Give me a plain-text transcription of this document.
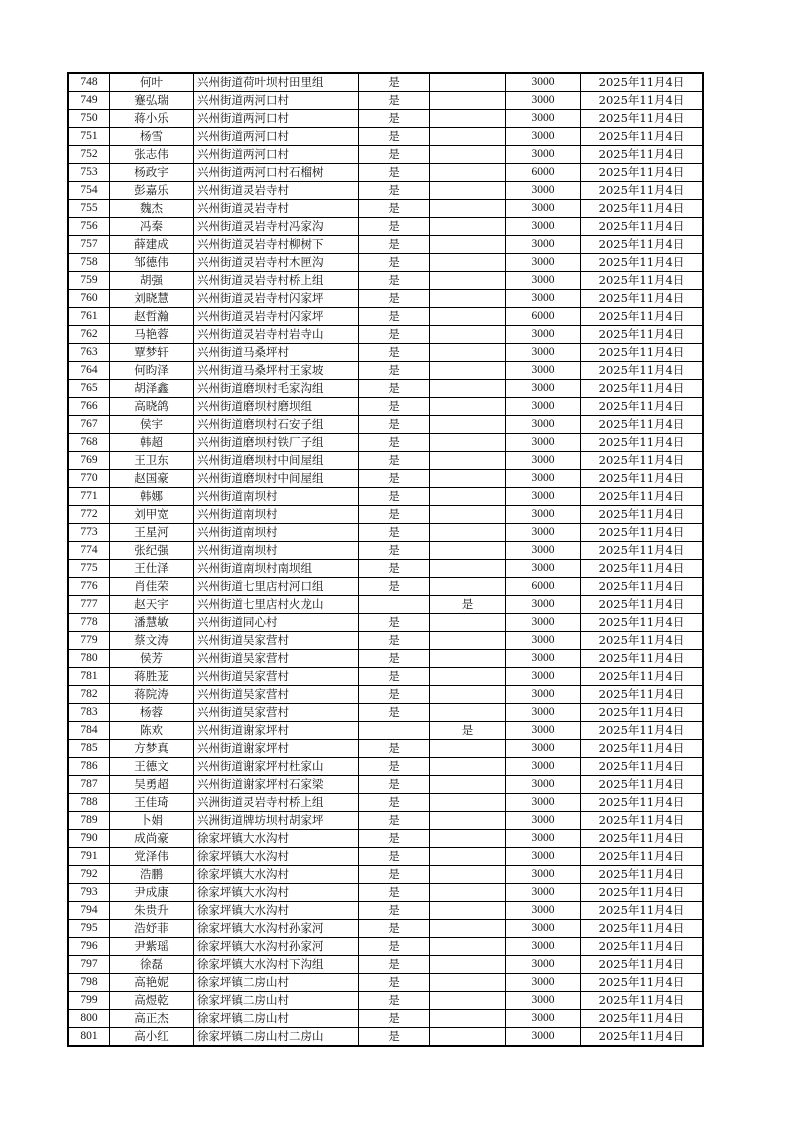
748	何叶	兴州街道荷叶坝村田里组	是		3000	2025年11月4日
749	蹇弘瑞	兴州街道两河口村	是		3000	2025年11月4日
750	蒋小乐	兴州街道两河口村	是		3000	2025年11月4日
751	杨雪	兴州街道两河口村	是		3000	2025年11月4日
752	张志伟	兴州街道两河口村	是		3000	2025年11月4日
753	杨政宇	兴州街道两河口村石榴树	是		6000	2025年11月4日
754	彭嘉乐	兴州街道灵岩寺村	是		3000	2025年11月4日
755	魏杰	兴州街道灵岩寺村	是		3000	2025年11月4日
756	冯秦	兴州街道灵岩寺村冯家沟	是		3000	2025年11月4日
757	薛建成	兴州街道灵岩寺村柳树下	是		3000	2025年11月4日
758	邹德伟	兴州街道灵岩寺村木匣沟	是		3000	2025年11月4日
759	胡强	兴州街道灵岩寺村桥上组	是		3000	2025年11月4日
760	刘晓慧	兴州街道灵岩寺村闪家坪	是		3000	2025年11月4日
761	赵哲瀚	兴州街道灵岩寺村闪家坪	是		6000	2025年11月4日
762	马艳蓉	兴州街道灵岩寺村岩寺山	是		3000	2025年11月4日
763	覃梦轩	兴州街道马桑坪村	是		3000	2025年11月4日
764	何昀泽	兴州街道马桑坪村王家坡	是		3000	2025年11月4日
765	胡泽鑫	兴州街道磨坝村毛家沟组	是		3000	2025年11月4日
766	高晓鸽	兴州街道磨坝村磨坝组	是		3000	2025年11月4日
767	侯宇	兴州街道磨坝村石安子组	是		3000	2025年11月4日
768	韩超	兴州街道磨坝村铁厂子组	是		3000	2025年11月4日
769	王卫东	兴州街道磨坝村中间屋组	是		3000	2025年11月4日
770	赵国豪	兴州街道磨坝村中间屋组	是		3000	2025年11月4日
771	韩娜	兴州街道南坝村	是		3000	2025年11月4日
772	刘甲宽	兴州街道南坝村	是		3000	2025年11月4日
773	王星河	兴州街道南坝村	是		3000	2025年11月4日
774	张纪强	兴州街道南坝村	是		3000	2025年11月4日
775	王仕泽	兴州街道南坝村南坝组	是		3000	2025年11月4日
776	肖佳荣	兴州街道七里店村河口组	是		6000	2025年11月4日
777	赵天宇	兴州街道七里店村火龙山		是	3000	2025年11月4日
778	潘慧敏	兴州街道同心村	是		3000	2025年11月4日
779	蔡文涛	兴州街道吴家营村	是		3000	2025年11月4日
780	侯芳	兴州街道吴家营村	是		3000	2025年11月4日
781	蒋胜茏	兴州街道吴家营村	是		3000	2025年11月4日
782	蒋院涛	兴州街道吴家营村	是		3000	2025年11月4日
783	杨蓉	兴州街道吴家营村	是		3000	2025年11月4日
784	陈欢	兴州街道谢家坪村		是	3000	2025年11月4日
785	方梦真	兴州街道谢家坪村	是		3000	2025年11月4日
786	王德文	兴州街道谢家坪村杜家山	是		3000	2025年11月4日
787	吴勇超	兴州街道谢家坪村石家梁	是		3000	2025年11月4日
788	王佳琦	兴洲街道灵岩寺村桥上组	是		3000	2025年11月4日
789	卜娟	兴洲街道牌坊坝村胡家坪	是		3000	2025年11月4日
790	成尚豪	徐家坪镇大水沟村	是		3000	2025年11月4日
791	党泽伟	徐家坪镇大水沟村	是		3000	2025年11月4日
792	浩鹏	徐家坪镇大水沟村	是		3000	2025年11月4日
793	尹成康	徐家坪镇大水沟村	是		3000	2025年11月4日
794	朱贵升	徐家坪镇大水沟村	是		3000	2025年11月4日
795	浩妤菲	徐家坪镇大水沟村孙家河	是		3000	2025年11月4日
796	尹紫瑶	徐家坪镇大水沟村孙家河	是		3000	2025年11月4日
797	徐磊	徐家坪镇大水沟村下沟组	是		3000	2025年11月4日
798	高艳妮	徐家坪镇二房山村	是		3000	2025年11月4日
799	高煜乾	徐家坪镇二房山村	是		3000	2025年11月4日
800	高正杰	徐家坪镇二房山村	是		3000	2025年11月4日
801	高小红	徐家坪镇二房山村二房山	是		3000	2025年11月4日
